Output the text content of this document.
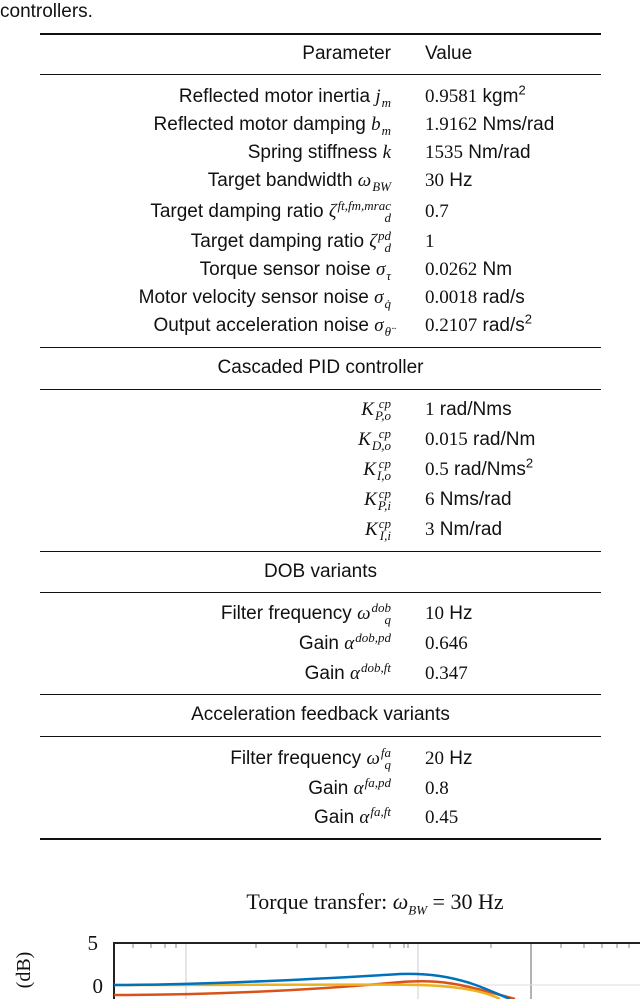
controllers.
Parameter Value
Reflected motor inertia j
m 0.9581 kgm$^2$
Reflected motor damping b
m 1.9162 Nms/rad
Spring stiffness k 1535 Nm/rad
Target bandwidth ω
BW 30 Hz
Target damping ratio ζ ft,fm,mrac
d 0.7
Target damping ratio ζ pd
d 1
Torque sensor noise σ
τ 0.0262 Nm
Motor velocity sensor noise σ
q̇ 0.0018 rad/s
Output acceleration noise σ
θ̈ 0.2107 rad/$s^2$
Cascaded PID controller
K cp
P,o 1 rad/Nms
K cp
D,o 0.015 rad/Nm
K cp
I,o 0.5 rad/Nms$^2$
K cp
P,i 6 Nms/rad
K cp
I,i 3 Nm/rad
DOB variants
Filter frequency ω dob
q 10 Hz
Gain α dob,pd
0.646
Gain α dob,ft
0.347
Acceleration feedback variants
Filter frequency ω fa
q 20 Hz
Gain α fa,pd
0.8
Gain α fa,ft
0.45
Torque transfer: $\omega_{BW} = 30$ Hz
(dB)
5
0
